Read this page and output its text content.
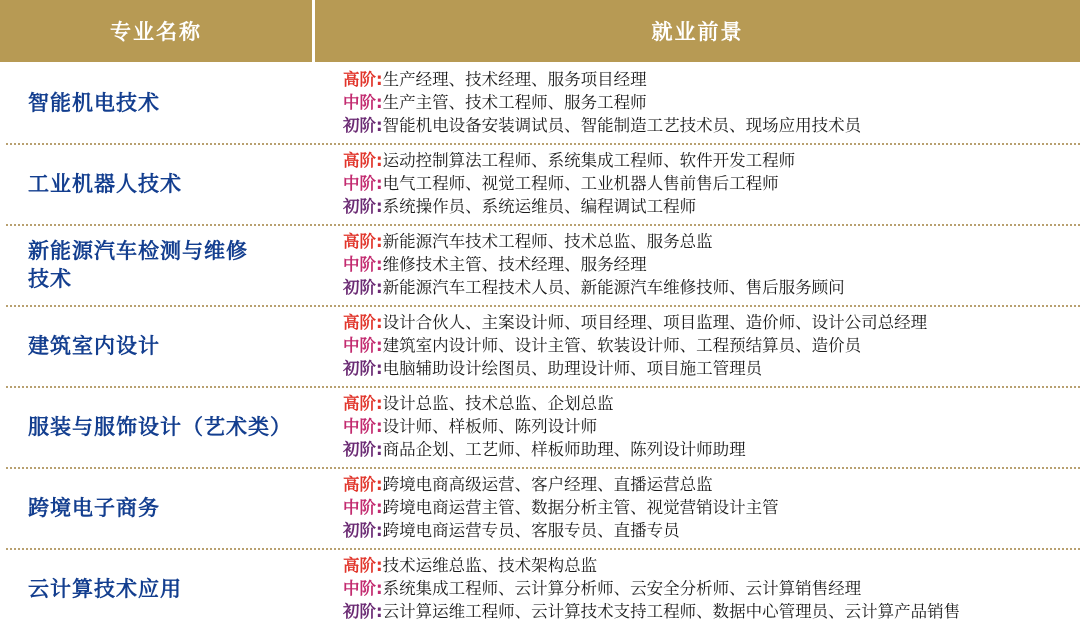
专业名称	就业前景
智能机电技术
高阶:生产经理、技术经理、服务项目经理
中阶:生产主管、技术工程师、服务工程师
初阶:智能机电设备安装调试员、智能制造工艺技术员、现场应用技术员
工业机器人技术
高阶:运动控制算法工程师、系统集成工程师、软件开发工程师
中阶:电气工程师、视觉工程师、工业机器人售前售后工程师
初阶:系统操作员、系统运维员、编程调试工程师
新能源汽车检测与维修技术
高阶:新能源汽车技术工程师、技术总监、服务总监
中阶:维修技术主管、技术经理、服务经理
初阶:新能源汽车工程技术人员、新能源汽车维修技师、售后服务顾问
建筑室内设计
高阶:设计合伙人、主案设计师、项目经理、项目监理、造价师、设计公司总经理
中阶:建筑室内设计师、设计主管、软装设计师、工程预结算员、造价员
初阶:电脑辅助设计绘图员、助理设计师、项目施工管理员
服装与服饰设计（艺术类）
高阶:设计总监、技术总监、企划总监
中阶:设计师、样板师、陈列设计师
初阶:商品企划、工艺师、样板师助理、陈列设计师助理
跨境电子商务
高阶:跨境电商高级运营、客户经理、直播运营总监
中阶:跨境电商运营主管、数据分析主管、视觉营销设计主管
初阶:跨境电商运营专员、客服专员、直播专员
云计算技术应用
高阶:技术运维总监、技术架构总监
中阶:系统集成工程师、云计算分析师、云安全分析师、云计算销售经理
初阶:云计算运维工程师、云计算技术支持工程师、数据中心管理员、云计算产品销售
